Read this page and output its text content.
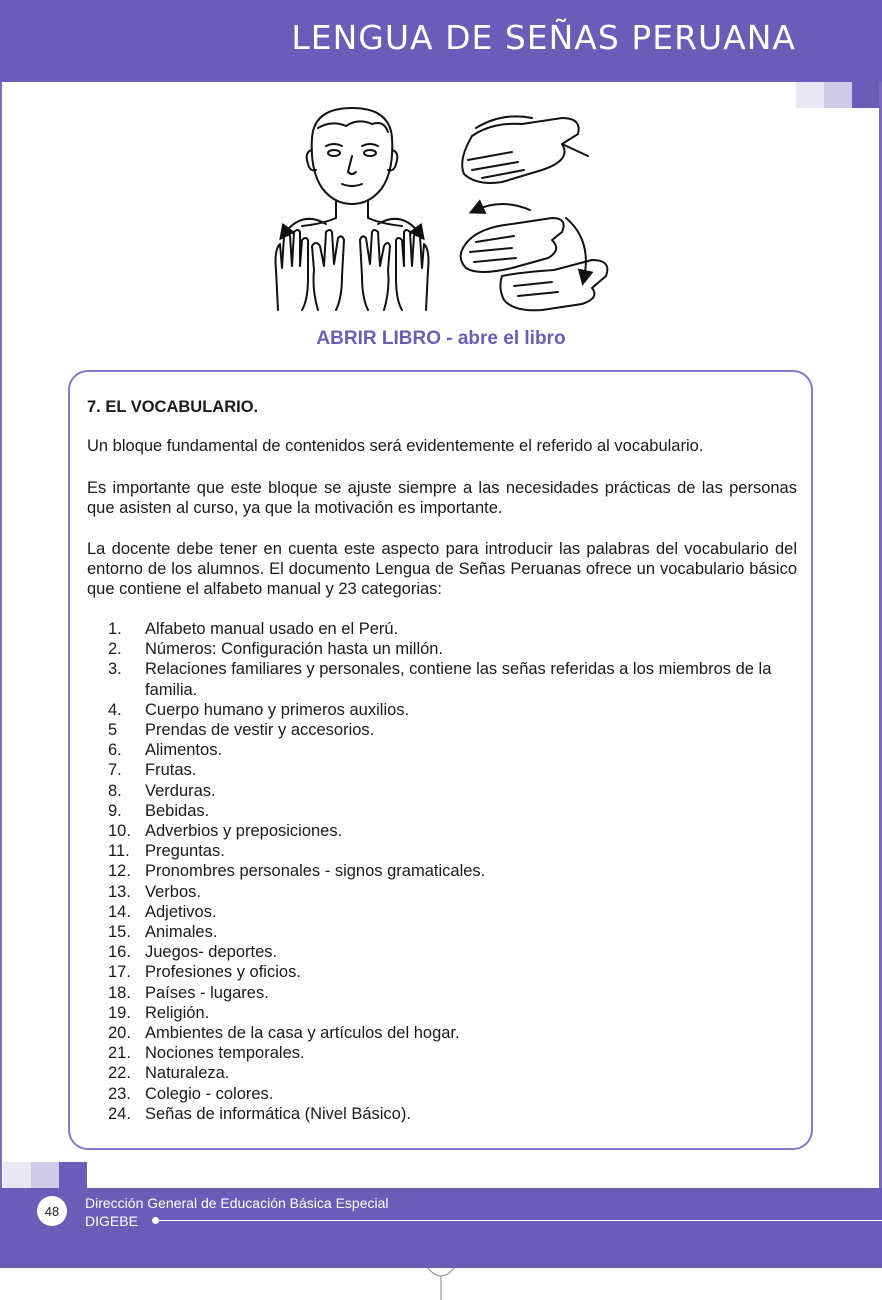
LENGUA DE SEÑAS PERUANA
ABRIR LIBRO - abre el libro
7. EL VOCABULARIO.

Un bloque fundamental de contenidos será evidentemente el referido al vocabulario.

Es importante que este bloque se ajuste siempre a las necesidades prácticas de las personas que asisten al curso, ya que la motivación es importante.

La docente debe tener en cuenta este aspecto para introducir las palabras del vocabulario del entorno de los alumnos. El documento Lengua de Señas Peruanas ofrece un vocabulario básico que contiene el alfabeto manual y 23 categorias:

1.	Alfabeto manual usado en el Perú.
2.	Números: Configuración hasta un millón.
3.	Relaciones familiares y personales, contiene las señas referidas a los miembros de la familia.
4.	Cuerpo humano y primeros auxilios.
5	Prendas de vestir y accesorios.
6.	Alimentos.
7.	Frutas.
8.	Verduras.
9.	Bebidas.
10. Adverbios y preposiciones.
11. Preguntas.
12. Pronombres personales - signos gramaticales.
13. Verbos.
14. Adjetivos.
15. Animales.
16. Juegos- deportes.
17. Profesiones y oficios.
18. Países - lugares.
19. Religión.
20. Ambientes de la casa y artículos del hogar.
21. Nociones temporales.
22. Naturaleza.
23. Colegio - colores.
24. Señas de informática (Nivel Básico).
48	Dirección General de Educación Básica Especial
DIGEBE
